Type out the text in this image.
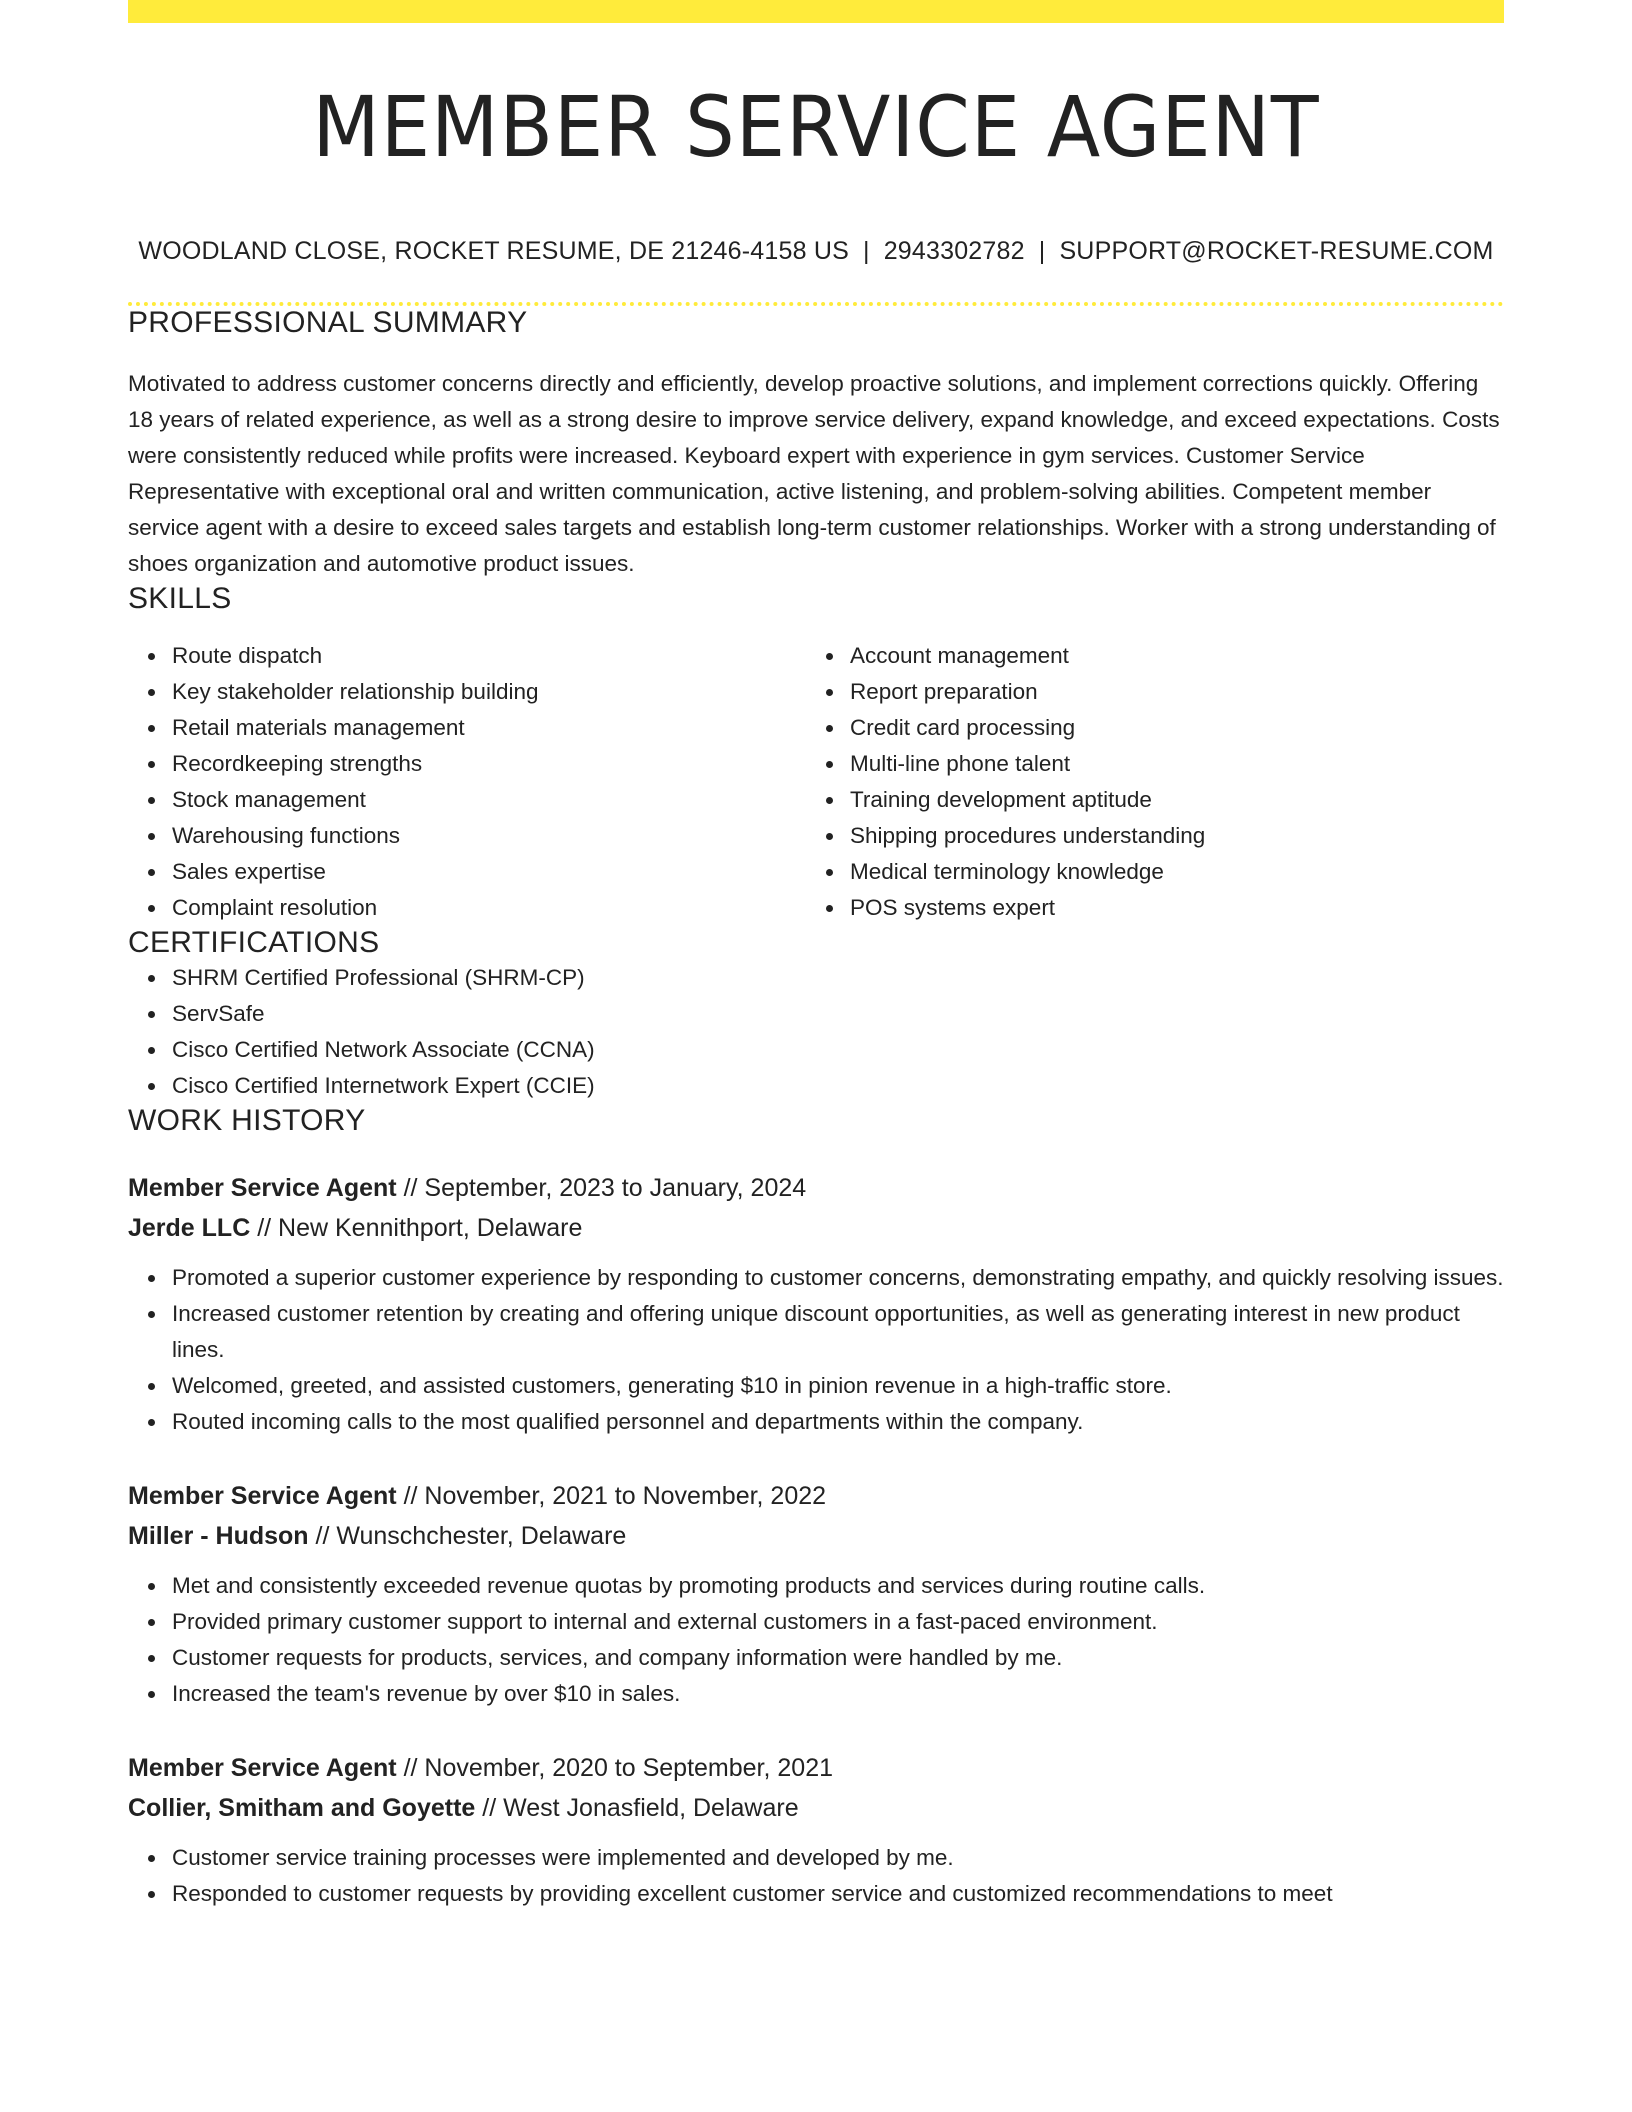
MEMBER SERVICE AGENT
WOODLAND CLOSE, ROCKET RESUME, DE 21246-4158 US | 2943302782 | SUPPORT@ROCKET-RESUME.COM
PROFESSIONAL SUMMARY

Motivated to address customer concerns directly and efficiently, develop proactive solutions, and implement corrections quickly. Offering 18 years of related experience, as well as a strong desire to improve service delivery, expand knowledge, and exceed expectations. Costs were consistently reduced while profits were increased. Keyboard expert with experience in gym services. Customer Service Representative with exceptional oral and written communication, active listening, and problem-solving abilities. Competent member service agent with a desire to exceed sales targets and establish long-term customer relationships. Worker with a strong understanding of shoes organization and automotive product issues.

SKILLS
Route dispatch
Key stakeholder relationship building
Retail materials management
Recordkeeping strengths
Stock management
Warehousing functions
Sales expertise
Complaint resolution
Account management
Report preparation
Credit card processing
Multi-line phone talent
Training development aptitude
Shipping procedures understanding
Medical terminology knowledge
POS systems expert
CERTIFICATIONS
SHRM Certified Professional (SHRM-CP)
ServSafe
Cisco Certified Network Associate (CCNA)
Cisco Certified Internetwork Expert (CCIE)
WORK HISTORY
Member Service Agent // September, 2023 to January, 2024
Jerde LLC // New Kennithport, Delaware
Promoted a superior customer experience by responding to customer concerns, demonstrating empathy, and quickly resolving issues.
Increased customer retention by creating and offering unique discount opportunities, as well as generating interest in new product lines.
Welcomed, greeted, and assisted customers, generating $10 in pinion revenue in a high-traffic store.
Routed incoming calls to the most qualified personnel and departments within the company.
Member Service Agent // November, 2021 to November, 2022
Miller - Hudson // Wunschchester, Delaware
Met and consistently exceeded revenue quotas by promoting products and services during routine calls.
Provided primary customer support to internal and external customers in a fast-paced environment.
Customer requests for products, services, and company information were handled by me.
Increased the team's revenue by over $10 in sales.
Member Service Agent // November, 2020 to September, 2021
Collier, Smitham and Goyette // West Jonasfield, Delaware
Customer service training processes were implemented and developed by me.
Responded to customer requests by providing excellent customer service and customized recommendations to meet
